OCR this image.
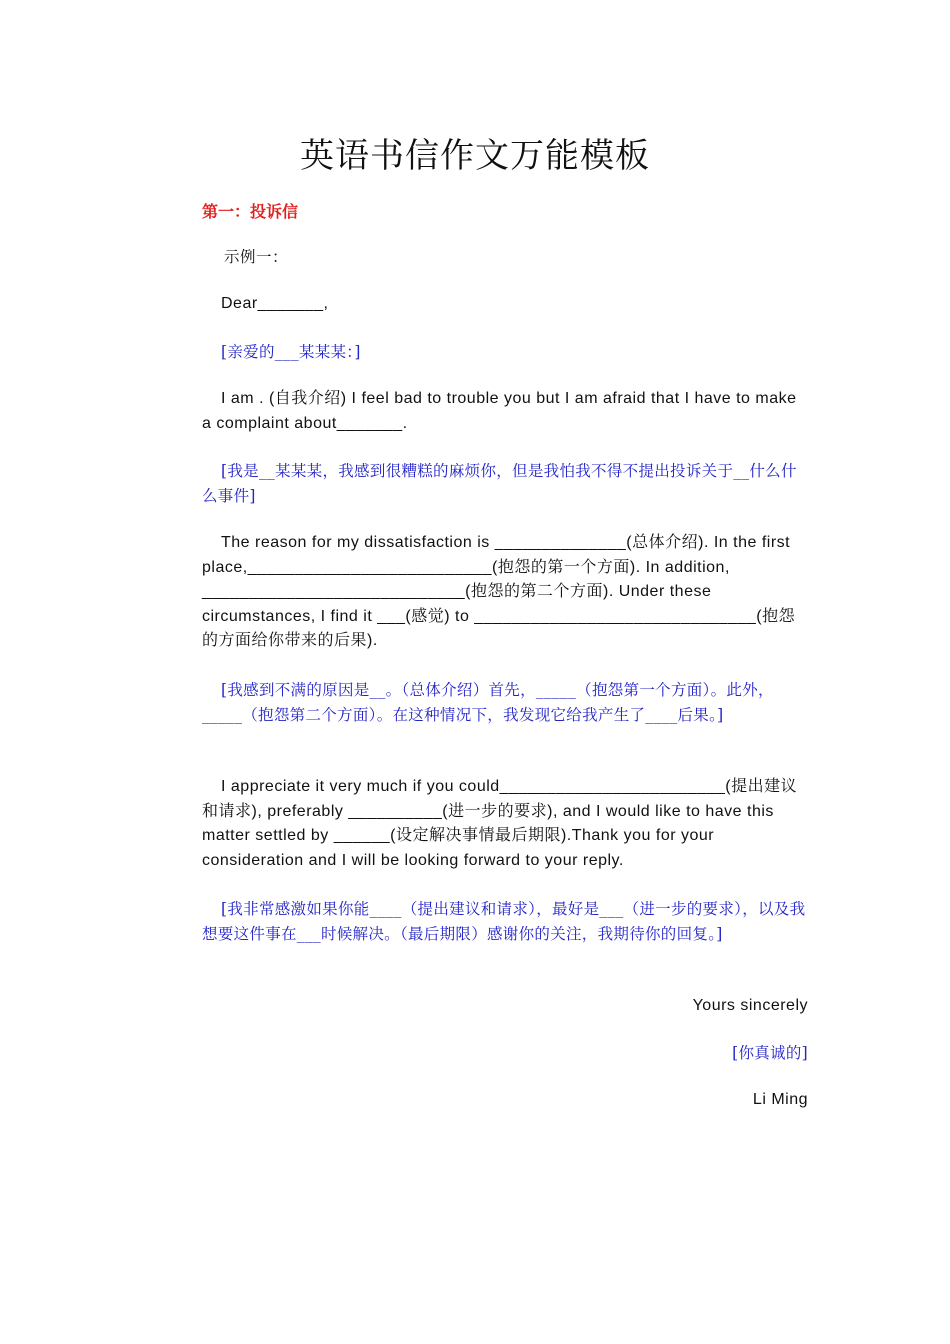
英语书信作文万能模板
第一：投诉信
示例一：
Dear_______,
[亲爱的___某某某：]
I am . (自我介绍) I feel bad to trouble you but I am afraid that I have to make a complaint about_______.
[我是__某某某，我感到很糟糕的麻烦你，但是我怕我不得不提出投诉关于__什么什么事件]
The reason for my dissatisfaction is ______________(总体介绍). In the first place,__________________________(抱怨的第一个方面). In addition, ____________________________(抱怨的第二个方面). Under these circumstances, I find it ___(感觉) to ______________________________(抱怨的方面给你带来的后果).
[我感到不满的原因是__。（总体介绍）首先，_____（抱怨第一个方面）。此外，_____（抱怨第二个方面）。在这种情况下，我发现它给我产生了____后果。]
I appreciate it very much if you could________________________(提出建议和请求), preferably __________(进一步的要求), and I would like to have this matter settled by ______(设定解决事情最后期限).Thank you for your consideration and I will be looking forward to your reply.
[我非常感激如果你能____（提出建议和请求），最好是___（进一步的要求），以及我想要这件事在___时候解决。（最后期限）感谢你的关注，我期待你的回复。]
Yours sincerely
[你真诚的]
Li Ming
